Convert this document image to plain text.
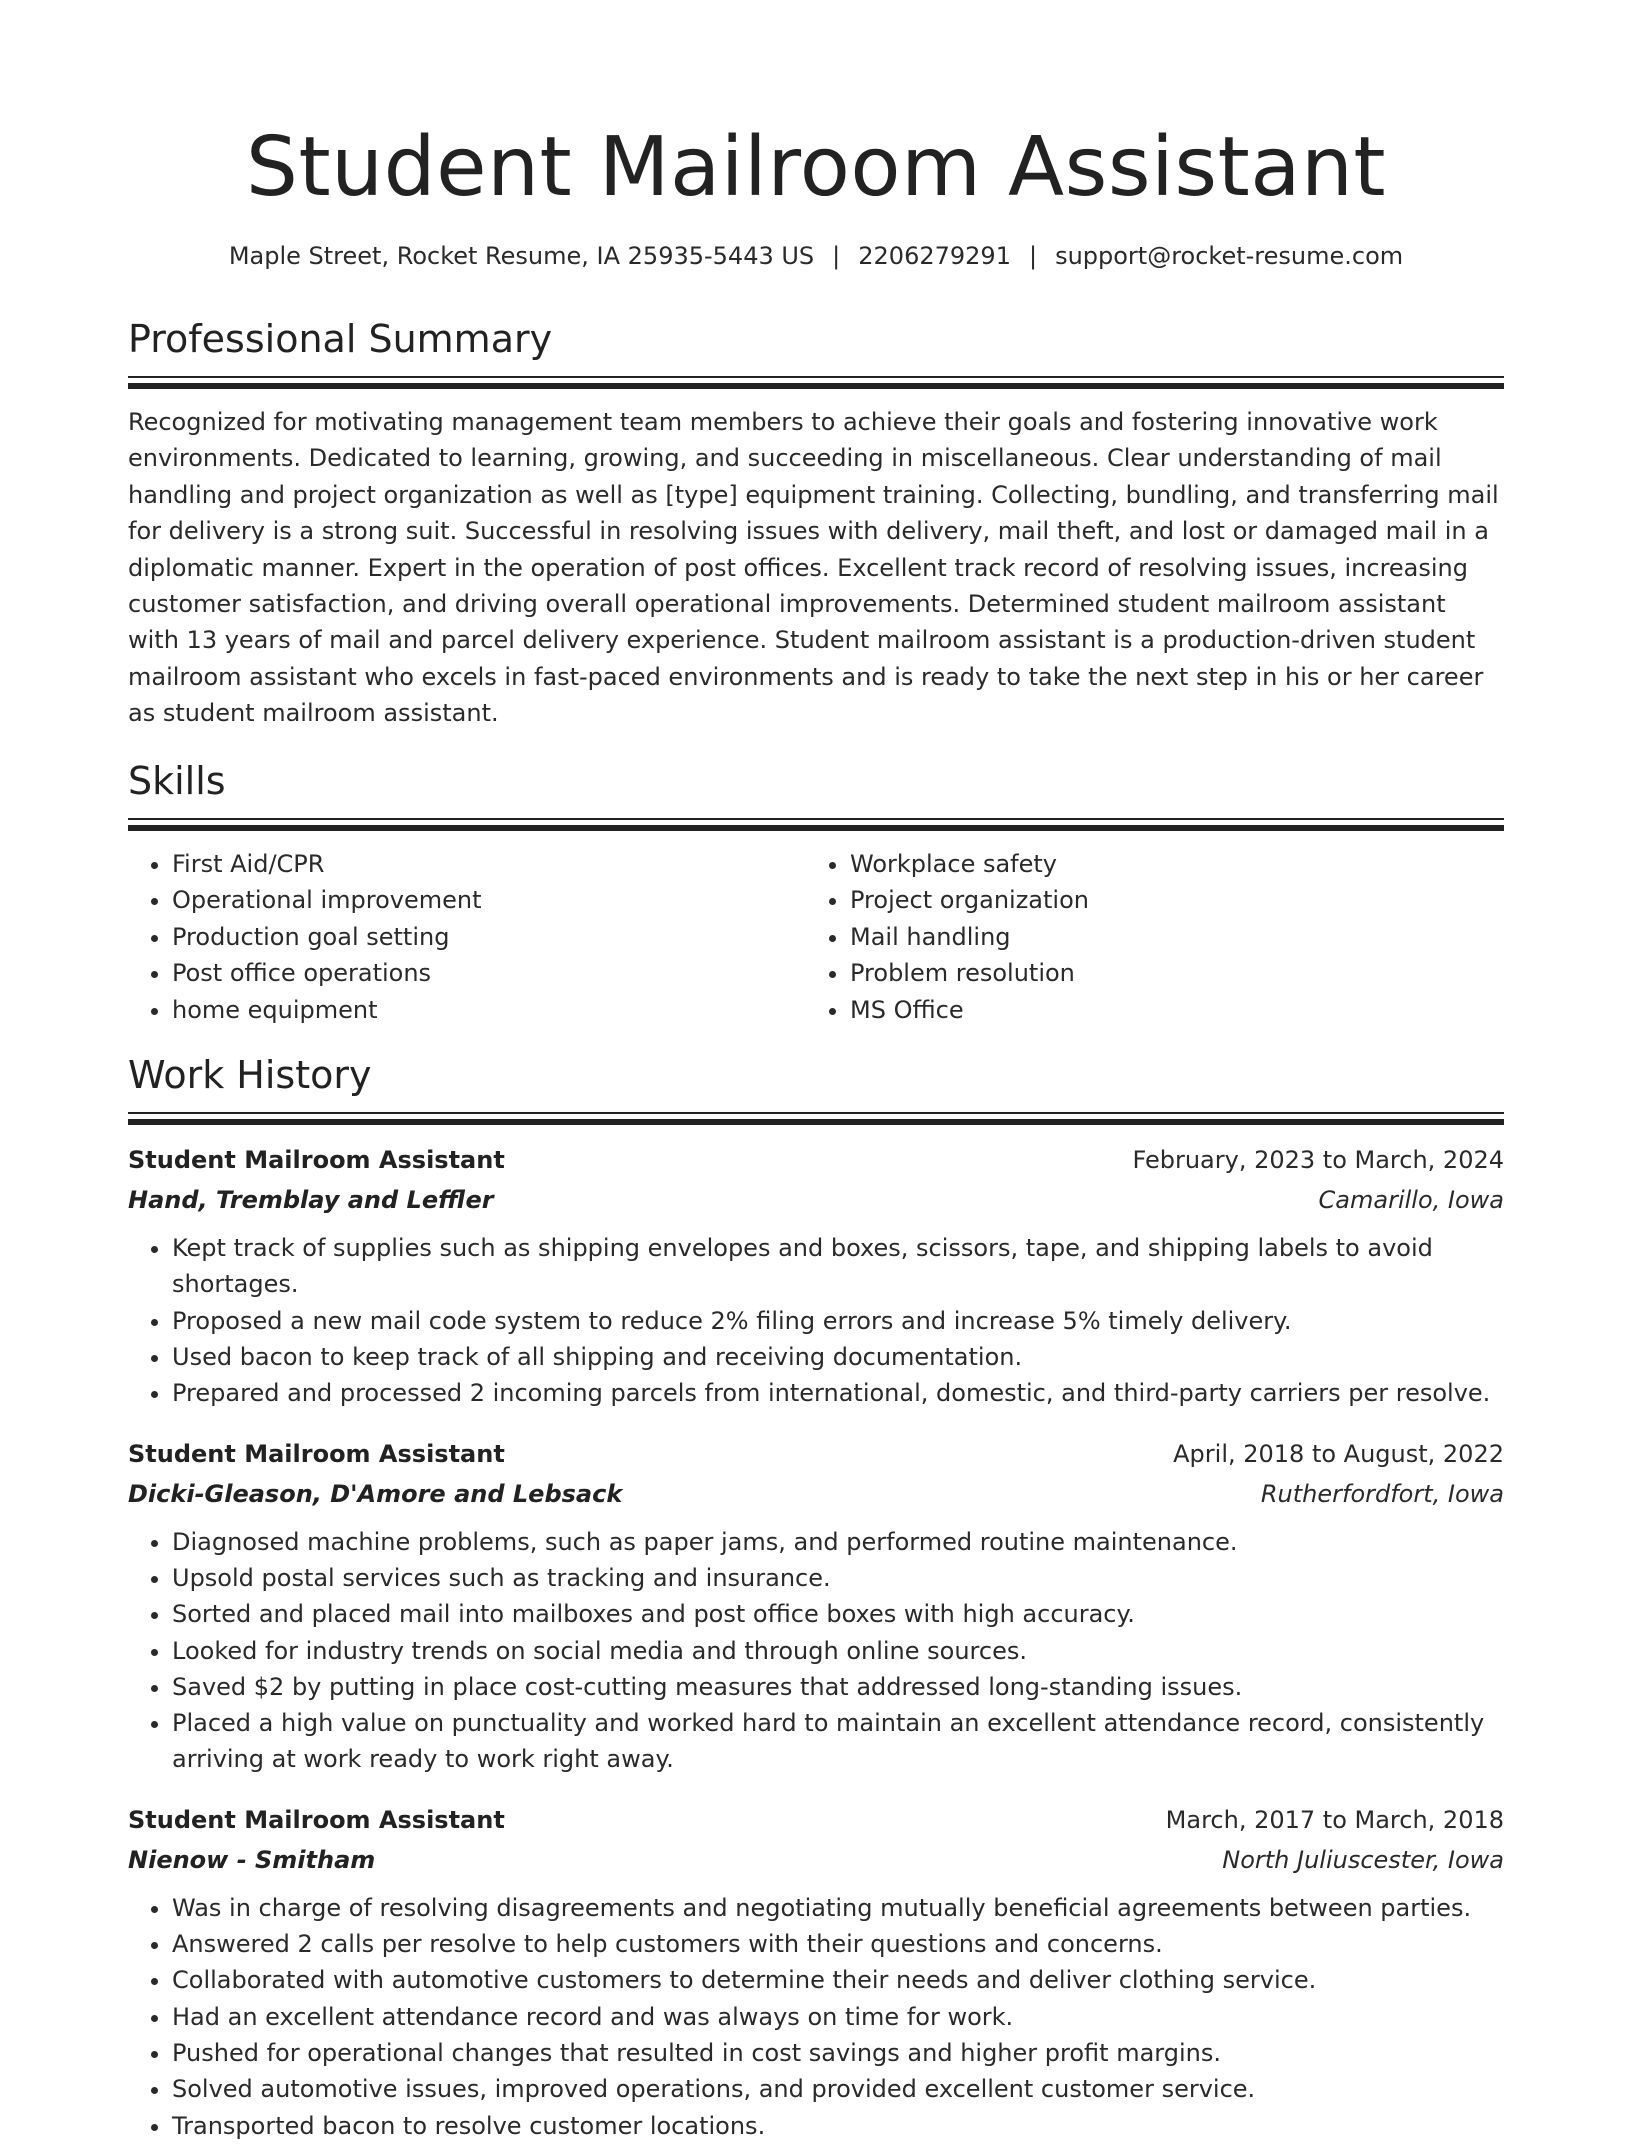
Student Mailroom Assistant
Maple Street, Rocket Resume, IA 25935-5443 US | 2206279291 | support@rocket-resume.com
Professional Summary

Recognized for motivating management team members to achieve their goals and fostering innovative work environments. Dedicated to learning, growing, and succeeding in miscellaneous. Clear understanding of mail handling and project organization as well as [type] equipment training. Collecting, bundling, and transferring mail for delivery is a strong suit. Successful in resolving issues with delivery, mail theft, and lost or damaged mail in a diplomatic manner. Expert in the operation of post offices. Excellent track record of resolving issues, increasing customer satisfaction, and driving overall operational improvements. Determined student mailroom assistant with 13 years of mail and parcel delivery experience. Student mailroom assistant is a production-driven student mailroom assistant who excels in fast-paced environments and is ready to take the next step in his or her career as student mailroom assistant.

Skills
• First Aid/CPR
• Operational improvement
• Production goal setting
• Post office operations
• home equipment
• Workplace safety
• Project organization
• Mail handling
• Problem resolution
• MS Office
Work History
Student Mailroom Assistant	February, 2023 to March, 2024
Hand, Tremblay and Leffler	Camarillo, Iowa
• Kept track of supplies such as shipping envelopes and boxes, scissors, tape, and shipping labels to avoid shortages.
• Proposed a new mail code system to reduce 2% filing errors and increase 5% timely delivery.
• Used bacon to keep track of all shipping and receiving documentation.
• Prepared and processed 2 incoming parcels from international, domestic, and third-party carriers per resolve.
Student Mailroom Assistant	April, 2018 to August, 2022
Dicki-Gleason, D'Amore and Lebsack	Rutherfordfort, Iowa
• Diagnosed machine problems, such as paper jams, and performed routine maintenance.
• Upsold postal services such as tracking and insurance.
• Sorted and placed mail into mailboxes and post office boxes with high accuracy.
• Looked for industry trends on social media and through online sources.
• Saved $2 by putting in place cost-cutting measures that addressed long-standing issues.
• Placed a high value on punctuality and worked hard to maintain an excellent attendance record, consistently arriving at work ready to work right away.
Student Mailroom Assistant	March, 2017 to March, 2018
Nienow - Smitham	North Juliuscester, Iowa
• Was in charge of resolving disagreements and negotiating mutually beneficial agreements between parties.
• Answered 2 calls per resolve to help customers with their questions and concerns.
• Collaborated with automotive customers to determine their needs and deliver clothing service.
• Had an excellent attendance record and was always on time for work.
• Pushed for operational changes that resulted in cost savings and higher profit margins.
• Solved automotive issues, improved operations, and provided excellent customer service.
• Transported bacon to resolve customer locations.
